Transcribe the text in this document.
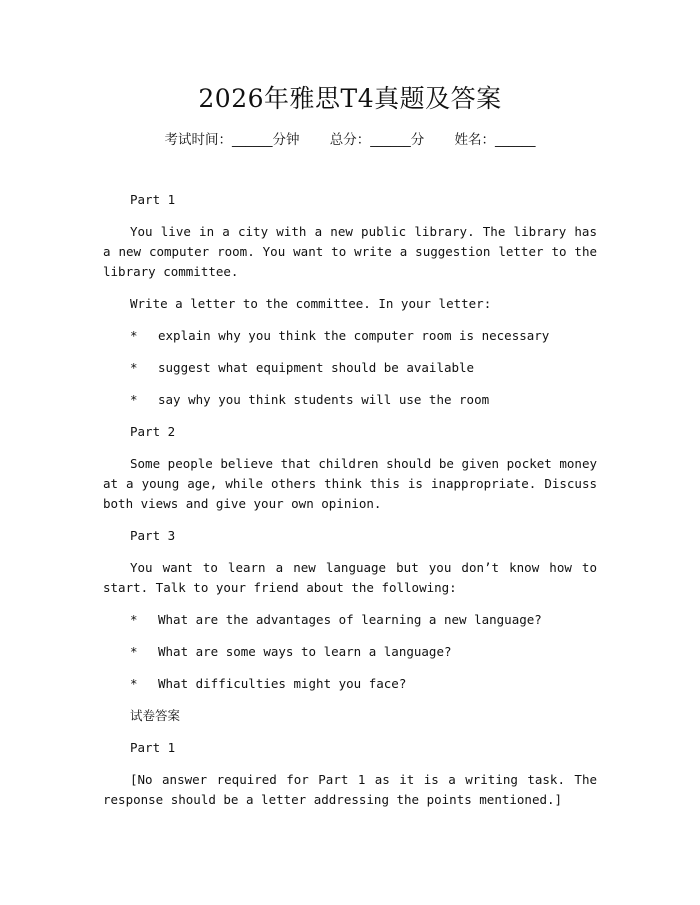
2026年雅思T4真题及答案
考试时间：______分钟 总分：______分 姓名：______

Part 1

You live in a city with a new public library. The library has a new computer room. You want to write a suggestion letter to the library committee.

Write a letter to the committee. In your letter:

* explain why you think the computer room is necessary

* suggest what equipment should be available

* say why you think students will use the room

Part 2

Some people believe that children should be given pocket money at a young age, while others think this is inappropriate. Discuss both views and give your own opinion.

Part 3

You want to learn a new language but you don’t know how to start. Talk to your friend about the following:

* What are the advantages of learning a new language?

* What are some ways to learn a language?

* What difficulties might you face?

试卷答案

Part 1

[No answer required for Part 1 as it is a writing task. The response should be a letter addressing the points mentioned.]
